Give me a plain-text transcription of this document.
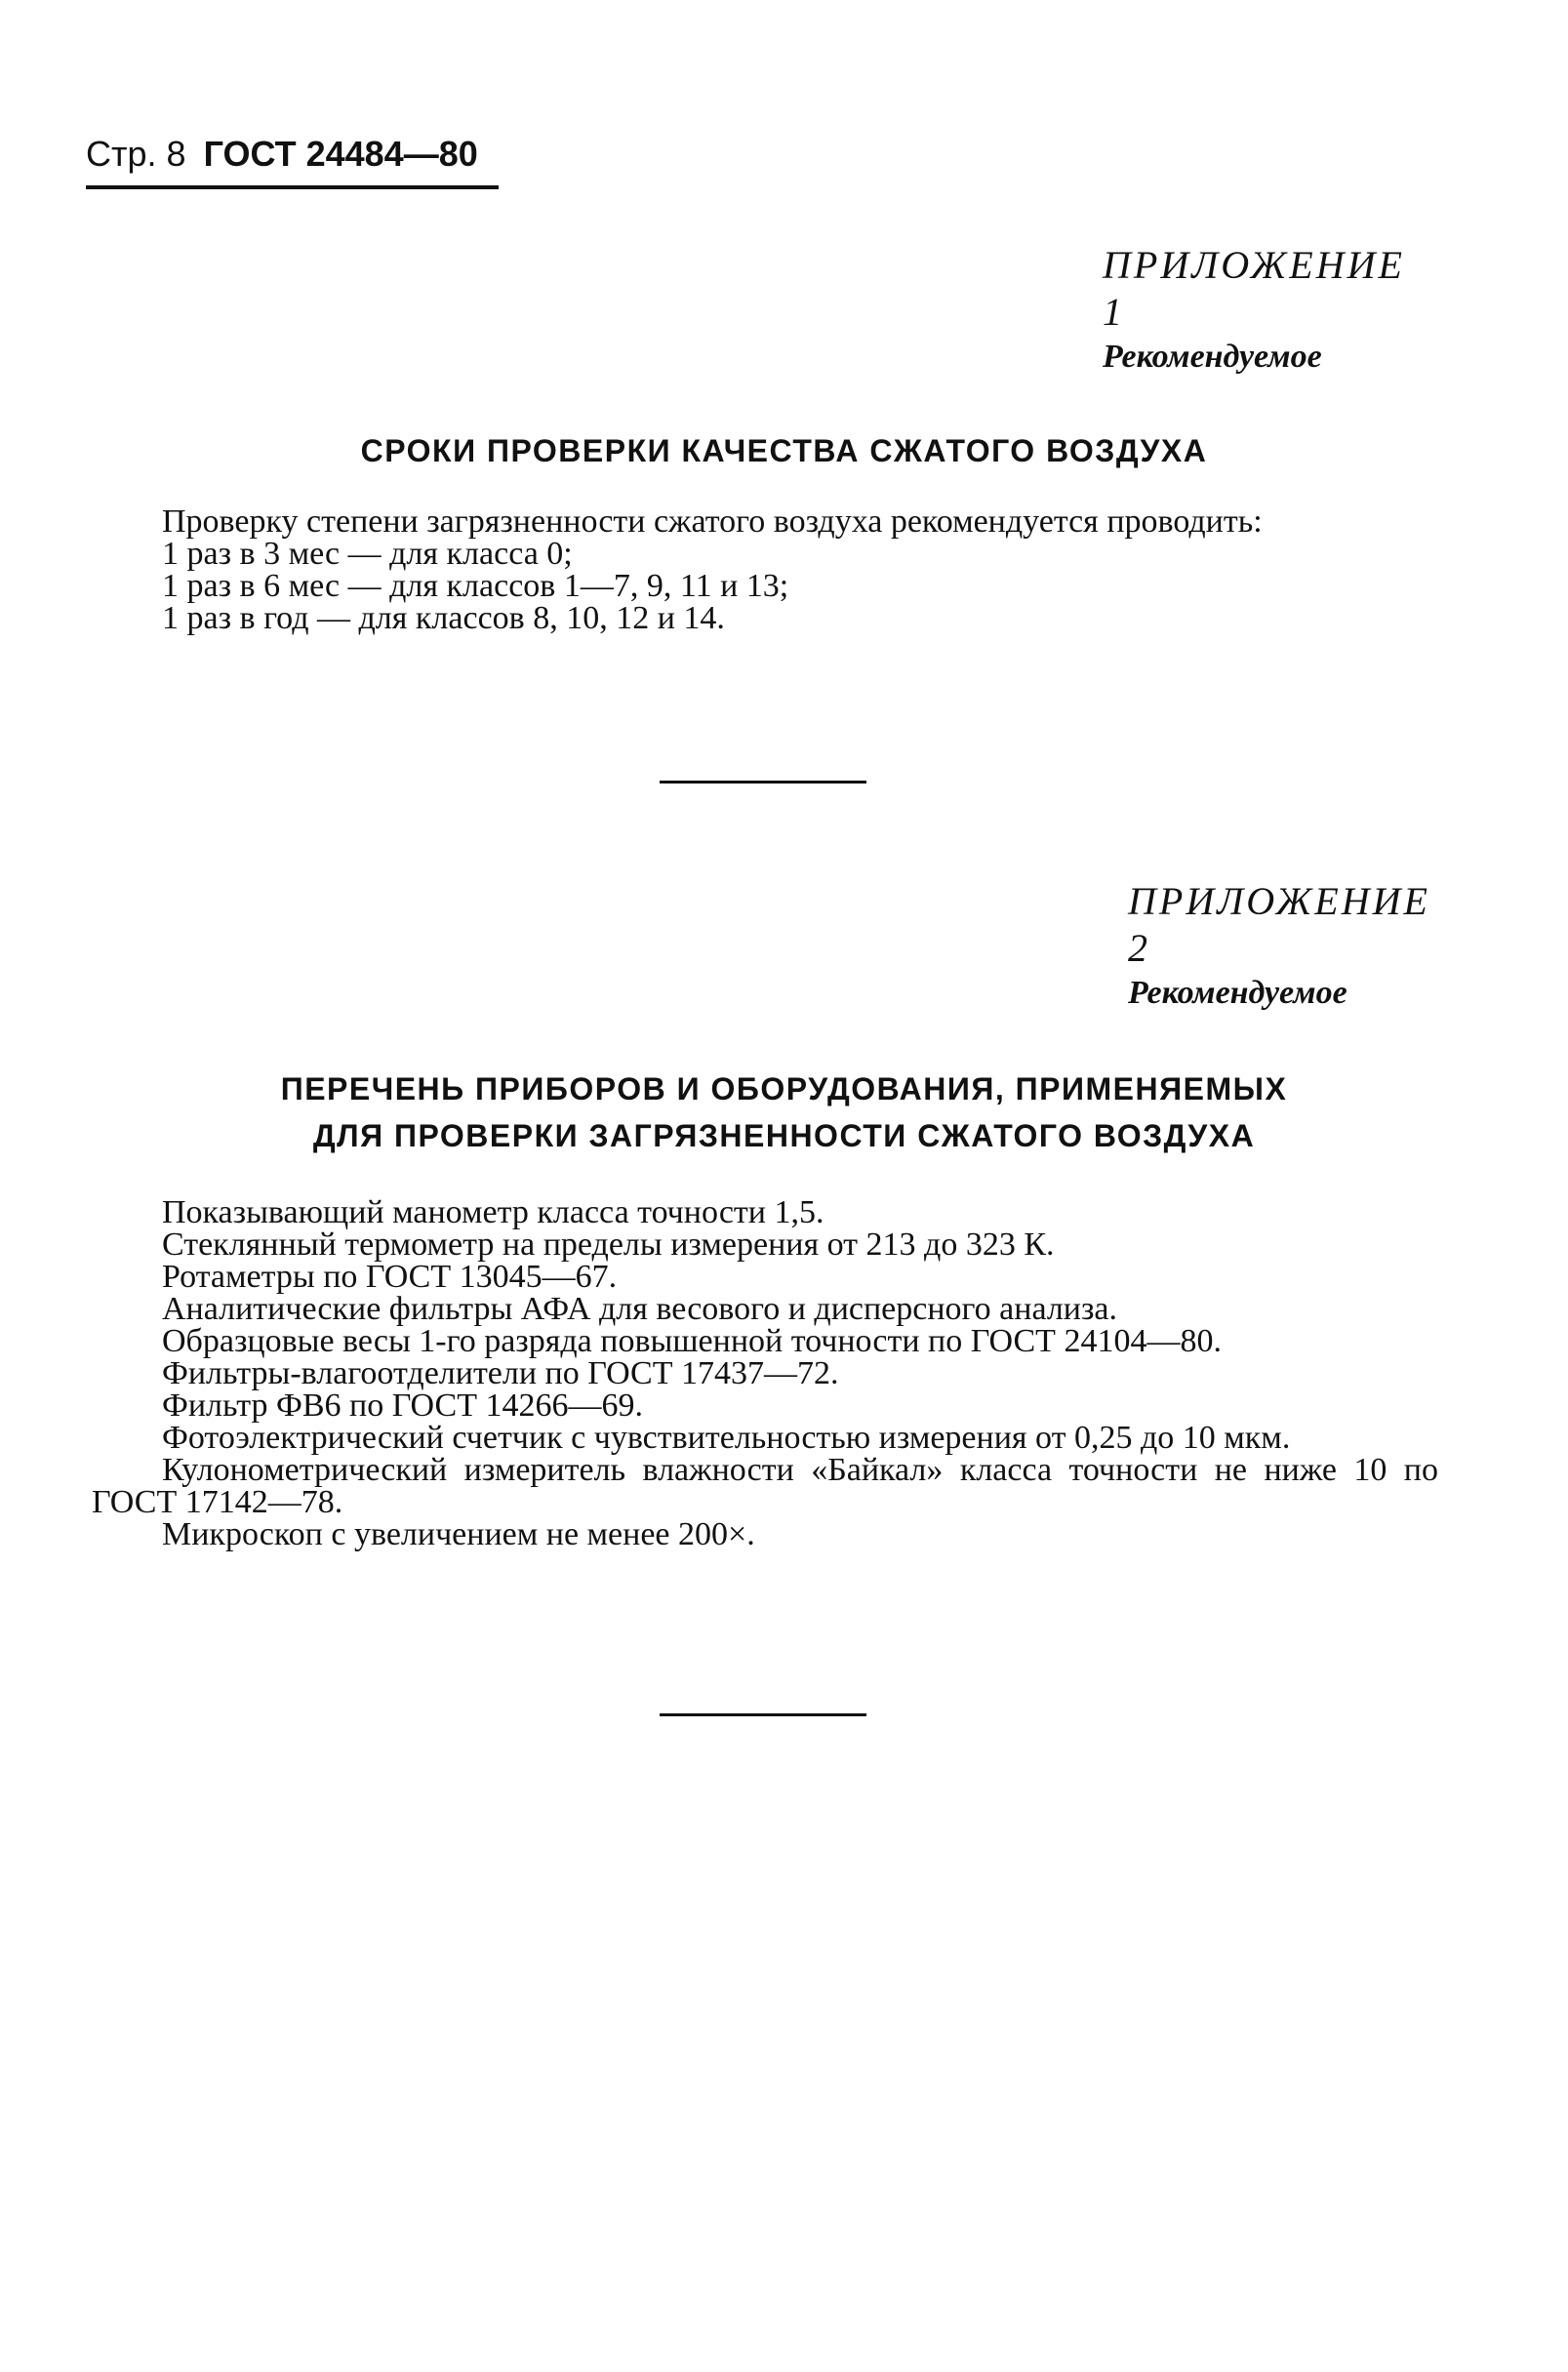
Стр. 8 ГОСТ 24484—80
ПРИЛОЖЕНИЕ 1
Рекомендуемое
СРОКИ ПРОВЕРКИ КАЧЕСТВА СЖАТОГО ВОЗДУХА
Проверку степени загрязненности сжатого воздуха рекомендуется проводить:
1 раз в 3 мес — для класса 0;
1 раз в 6 мес — для классов 1—7, 9, 11 и 13;
1 раз в год — для классов 8, 10, 12 и 14.
ПРИЛОЖЕНИЕ 2
Рекомендуемое
ПЕРЕЧЕНЬ ПРИБОРОВ И ОБОРУДОВАНИЯ, ПРИМЕНЯЕМЫХ
ДЛЯ ПРОВЕРКИ ЗАГРЯЗНЕННОСТИ СЖАТОГО ВОЗДУХА
Показывающий манометр класса точности 1,5.
Стеклянный термометр на пределы измерения от 213 до 323 К.
Ротаметры по ГОСТ 13045—67.
Аналитические фильтры АФА для весового и дисперсного анализа.
Образцовые весы 1-го разряда повышенной точности по ГОСТ 24104—80.
Фильтры-влагоотделители по ГОСТ 17437—72.
Фильтр ФВ6 по ГОСТ 14266—69.
Фотоэлектрический счетчик с чувствительностью измерения от 0,25 до 10 мкм.
Кулонометрический измеритель влажности «Байкал» класса точности не ниже 10 по ГОСТ 17142—78.
Микроскоп с увеличением не менее 200×.
